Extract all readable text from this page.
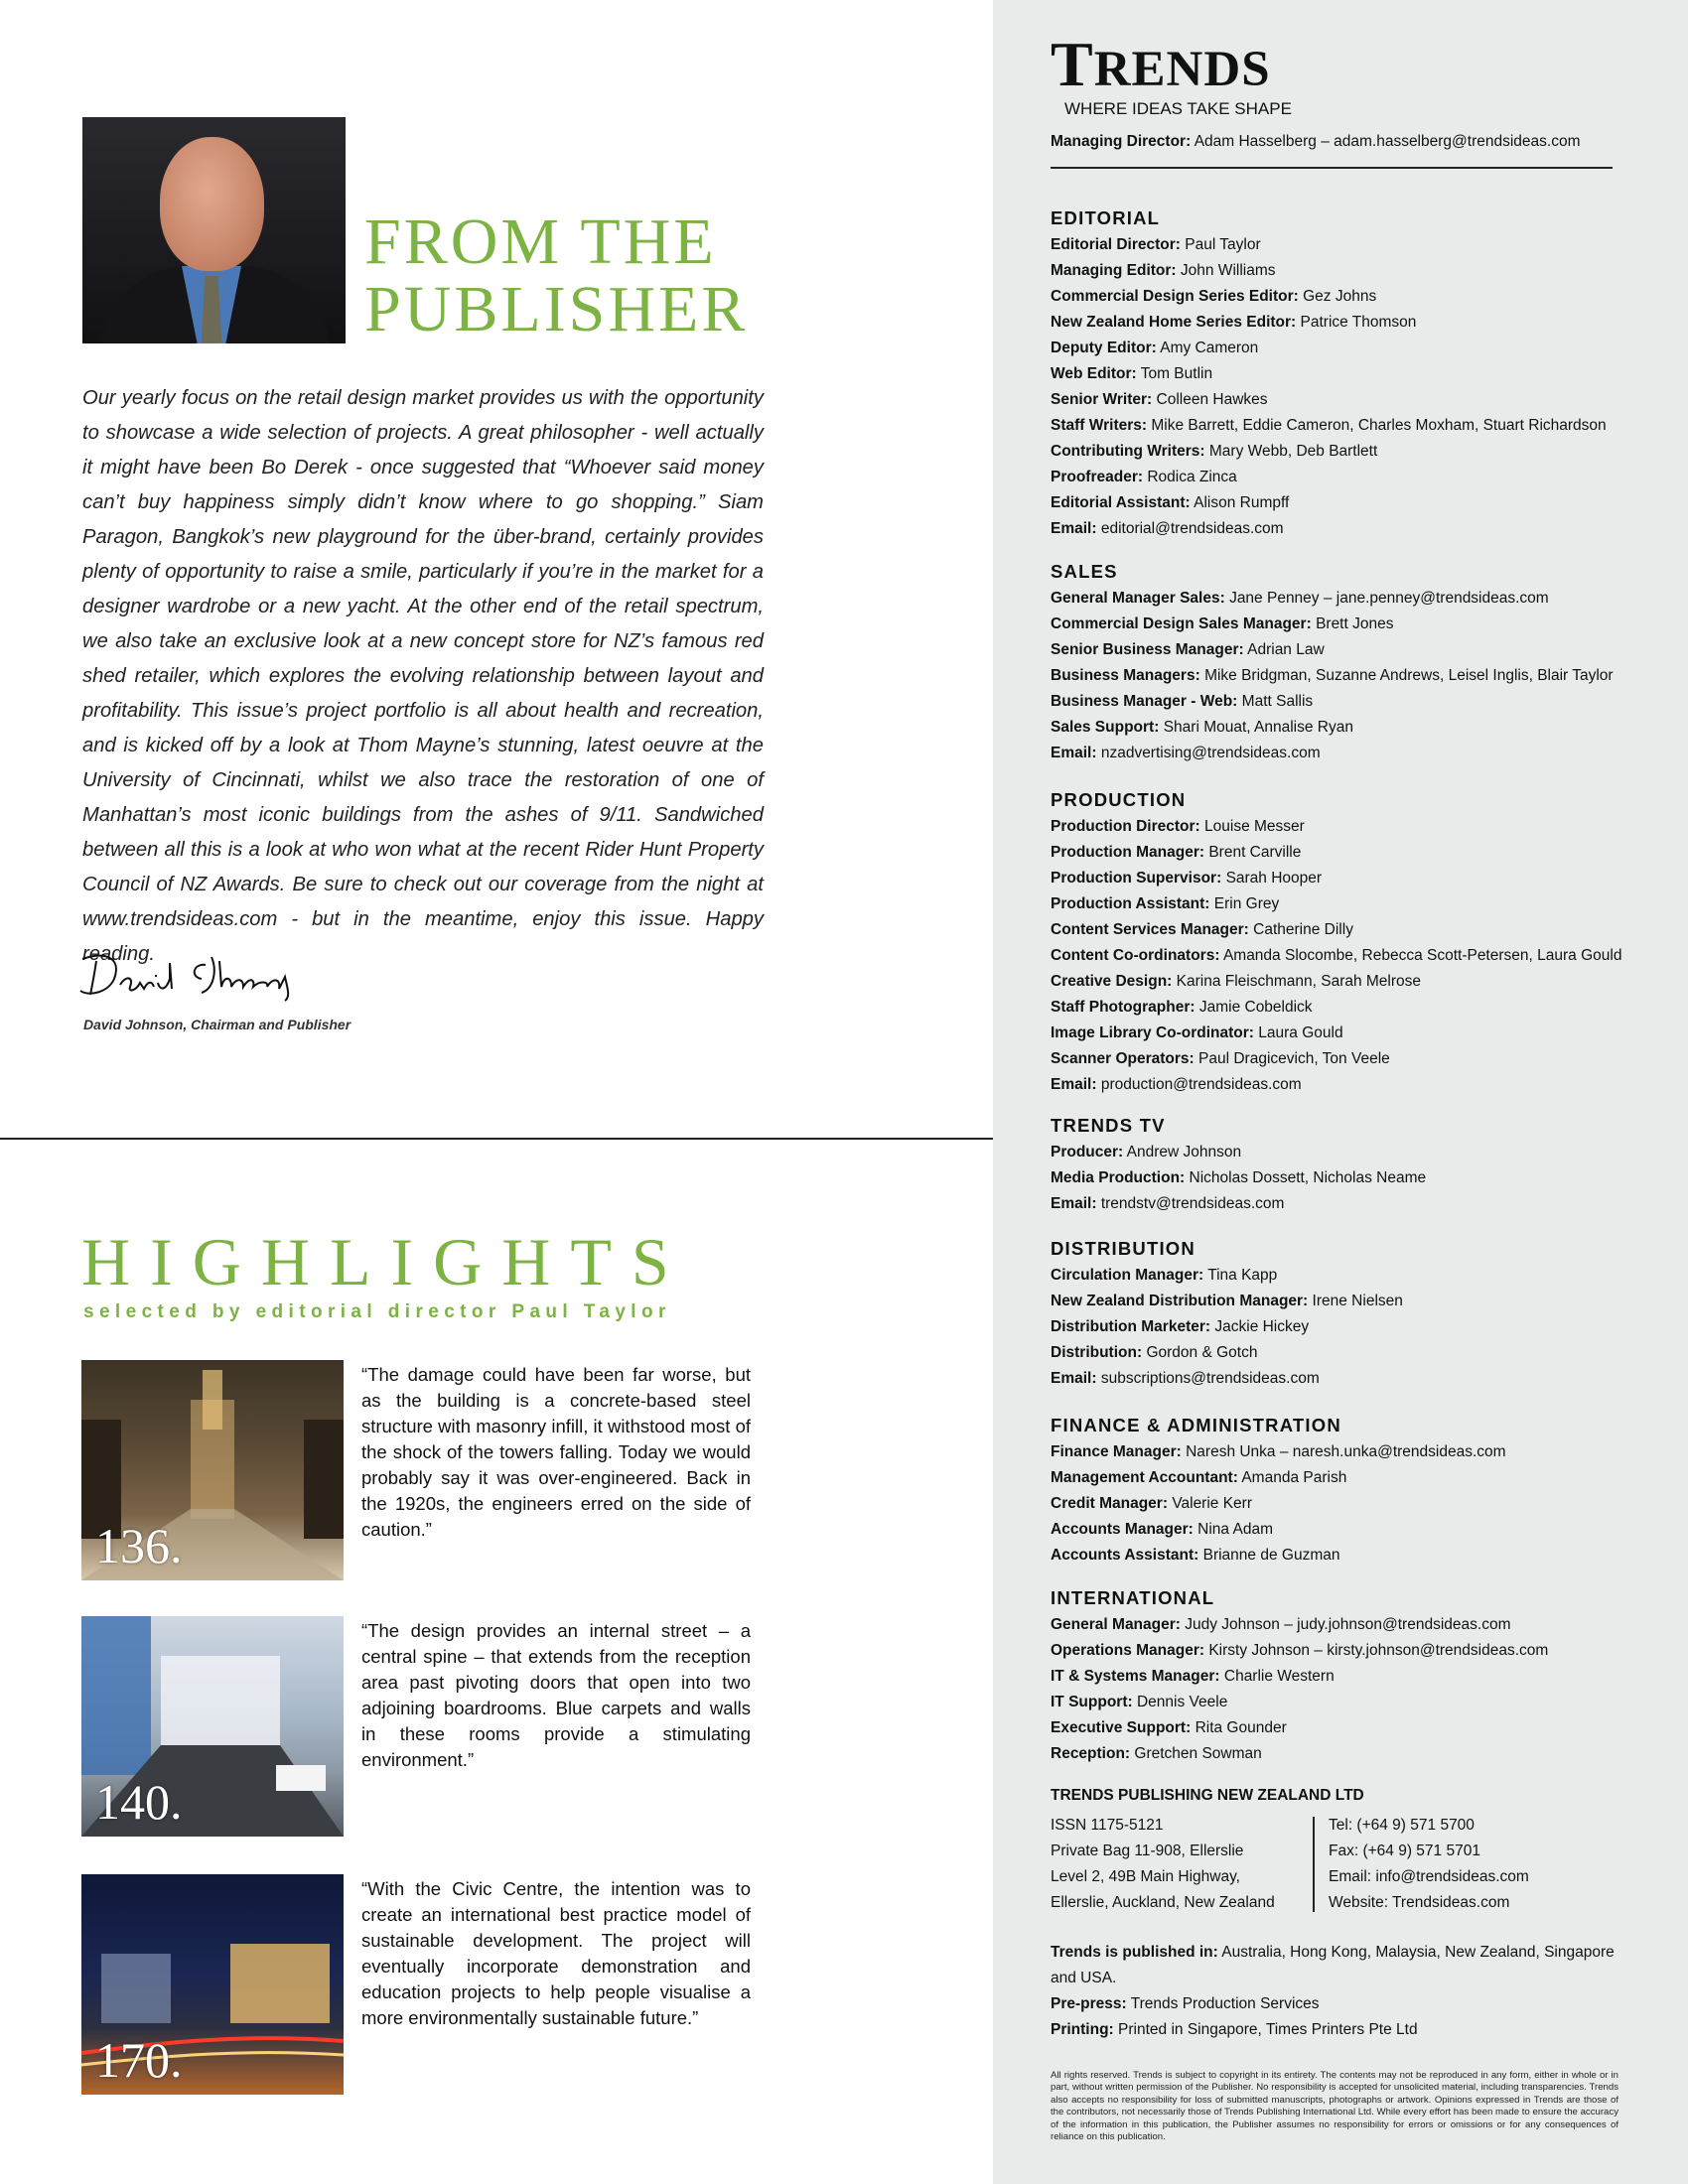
FROM THE
PUBLISHER

Our yearly focus on the retail design market provides us with the opportunity to showcase a wide selection of projects. A great philosopher - well actually it might have been Bo Derek - once suggested that “Whoever said money can’t buy happiness simply didn’t know where to go shopping.” Siam Paragon, Bangkok’s new playground for the über-brand, certainly provides plenty of opportunity to raise a smile, particularly if you’re in the market for a designer wardrobe or a new yacht. At the other end of the retail spectrum, we also take an exclusive look at a new concept store for NZ’s famous red shed retailer, which explores the evolving relationship between layout and profitability. This issue’s project portfolio is all about health and recreation, and is kicked off by a look at Thom Mayne’s stunning, latest oeuvre at the University of Cincinnati, whilst we also trace the restoration of one of Manhattan’s most iconic buildings from the ashes of 9/11. Sandwiched between all this is a look at who won what at the recent Rider Hunt Property Council of NZ Awards. Be sure to check out our coverage from the night at www.trendsideas.com - but in the meantime, enjoy this issue. Happy reading.

David Johnson, Chairman and Publisher
HIGHLIGHTS
selected by editorial director Paul Taylor
136.

“The damage could have been far worse, but as the building is a concrete-based steel structure with masonry infill, it withstood most of the shock of the towers falling. Today we would probably say it was over-engineered. Back in the 1920s, the engineers erred on the side of caution.”

140.

“The design provides an internal street – a central spine – that extends from the reception area past pivoting doors that open into two adjoining boardrooms. Blue carpets and walls in these rooms provide a stimulating environment.”

170.

“With the Civic Centre, the intention was to create an international best practice model of sustainable development. The project will eventually incorporate demonstration and education projects to help people visualise a more environmentally sustainable future.”

TRENDS
WHERE IDEAS TAKE SHAPE
Managing Director: Adam Hasselberg – adam.hasselberg@trendsideas.com
EDITORIAL
Editorial Director: Paul Taylor
Managing Editor: John Williams
Commercial Design Series Editor: Gez Johns
New Zealand Home Series Editor: Patrice Thomson
Deputy Editor: Amy Cameron
Web Editor: Tom Butlin
Senior Writer: Colleen Hawkes
Staff Writers: Mike Barrett, Eddie Cameron, Charles Moxham, Stuart Richardson
Contributing Writers: Mary Webb, Deb Bartlett
Proofreader: Rodica Zinca
Editorial Assistant: Alison Rumpff
Email: editorial@trendsideas.com
SALES
General Manager Sales: Jane Penney – jane.penney@trendsideas.com
Commercial Design Sales Manager: Brett Jones
Senior Business Manager: Adrian Law
Business Managers: Mike Bridgman, Suzanne Andrews, Leisel Inglis, Blair Taylor
Business Manager - Web: Matt Sallis
Sales Support: Shari Mouat, Annalise Ryan
Email: nzadvertising@trendsideas.com
PRODUCTION
Production Director: Louise Messer
Production Manager: Brent Carville
Production Supervisor: Sarah Hooper
Production Assistant: Erin Grey
Content Services Manager: Catherine Dilly
Content Co-ordinators: Amanda Slocombe, Rebecca Scott-Petersen, Laura Gould
Creative Design: Karina Fleischmann, Sarah Melrose
Staff Photographer: Jamie Cobeldick
Image Library Co-ordinator: Laura Gould
Scanner Operators: Paul Dragicevich, Ton Veele
Email: production@trendsideas.com
TRENDS TV
Producer: Andrew Johnson
Media Production: Nicholas Dossett, Nicholas Neame
Email: trendstv@trendsideas.com
DISTRIBUTION
Circulation Manager: Tina Kapp
New Zealand Distribution Manager: Irene Nielsen
Distribution Marketer: Jackie Hickey
Distribution: Gordon & Gotch
Email: subscriptions@trendsideas.com
FINANCE & ADMINISTRATION
Finance Manager: Naresh Unka – naresh.unka@trendsideas.com
Management Accountant: Amanda Parish
Credit Manager: Valerie Kerr
Accounts Manager: Nina Adam
Accounts Assistant: Brianne de Guzman
INTERNATIONAL
General Manager: Judy Johnson – judy.johnson@trendsideas.com
Operations Manager: Kirsty Johnson – kirsty.johnson@trendsideas.com
IT & Systems Manager: Charlie Western
IT Support: Dennis Veele
Executive Support: Rita Gounder
Reception: Gretchen Sowman
TRENDS PUBLISHING NEW ZEALAND LTD
ISSN 1175-5121
Private Bag 11-908, Ellerslie
Level 2, 49B Main Highway,
Ellerslie, Auckland, New Zealand
Tel: (+64 9) 571 5700
Fax: (+64 9) 571 5701
Email: info@trendsideas.com
Website: Trendsideas.com
Trends is published in: Australia, Hong Kong, Malaysia, New Zealand, Singapore and USA.
Pre-press: Trends Production Services
Printing: Printed in Singapore, Times Printers Pte Ltd

All rights reserved. Trends is subject to copyright in its entirety. The contents may not be reproduced in any form, either in whole or in part, without written permission of the Publisher. No responsibility is accepted for unsolicited material, including transparencies. Trends also accepts no responsibility for loss of submitted manuscripts, photographs or artwork. Opinions expressed in Trends are those of the contributors, not necessarily those of Trends Publishing International Ltd. While every effort has been made to ensure the accuracy of the information in this publication, the Publisher assumes no responsibility for errors or omissions or for any consequences of reliance on this publication.
